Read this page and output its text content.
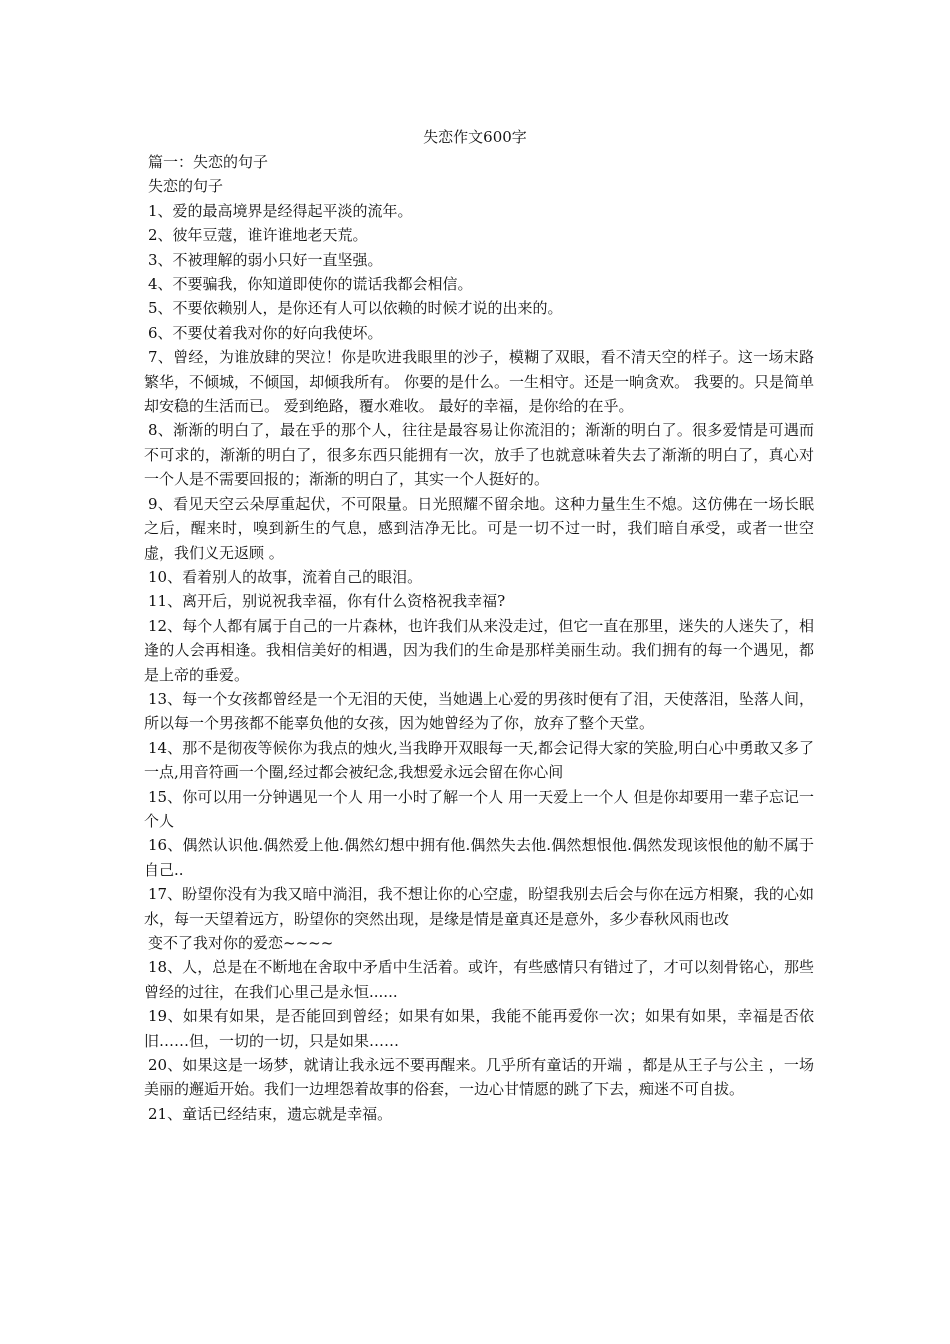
失恋作文600字

篇一：失恋的句子

失恋的句子

1、爱的最高境界是经得起平淡的流年。

2、彼年豆蔻，谁许谁地老天荒。

3、不被理解的弱小只好一直坚强。

4、不要骗我，你知道即使你的谎话我都会相信。

5、不要依赖别人，是你还有人可以依赖的时候才说的出来的。

6、不要仗着我对你的好向我使坏。

7、曾经，为谁放肆的哭泣！你是吹进我眼里的沙子，模糊了双眼，看不清天空的样子。这一场末路繁华，不倾城，不倾国，却倾我所有。 你要的是什么。一生相守。还是一晌贪欢。 我要的。只是简单却安稳的生活而已。 爱到绝路，覆水难收。 最好的幸福，是你给的在乎。

8、渐渐的明白了，最在乎的那个人，往往是最容易让你流泪的；渐渐的明白了。很多爱情是可遇而不可求的，渐渐的明白了，很多东西只能拥有一次，放手了也就意味着失去了渐渐的明白了，真心对一个人是不需要回报的；渐渐的明白了，其实一个人挺好的。

9、看见天空云朵厚重起伏，不可限量。日光照耀不留余地。这种力量生生不熄。这仿佛在一场长眠之后，醒来时，嗅到新生的气息，感到洁净无比。可是一切不过一时，我们暗自承受，或者一世空虚，我们义无返顾 。

10、看着别人的故事，流着自己的眼泪。

11、离开后，别说祝我幸福，你有什么资格祝我幸福?

12、每个人都有属于自己的一片森林，也许我们从来没走过，但它一直在那里，迷失的人迷失了，相逢的人会再相逢。我相信美好的相遇，因为我们的生命是那样美丽生动。我们拥有的每一个遇见，都是上帝的垂爱。

13、每一个女孩都曾经是一个无泪的天使，当她遇上心爱的男孩时便有了泪，天使落泪，坠落人间，所以每一个男孩都不能辜负他的女孩，因为她曾经为了你，放弃了整个天堂。

14、那不是彻夜等候你为我点的烛火,当我睁开双眼每一天,都会记得大家的笑脸,明白心中勇敢又多了一点,用音符画一个圈,经过都会被纪念,我想爱永远会留在你心间

15、你可以用一分钟遇见一个人 用一小时了解一个人 用一天爱上一个人 但是你却要用一辈子忘记一个人

16、偶然认识他.偶然爱上他.偶然幻想中拥有他.偶然失去他.偶然想恨他.偶然发现该恨他的觔不属于自己..

17、盼望你没有为我又暗中淌泪，我不想让你的心空虚，盼望我别去后会与你在远方相聚，我的心如水，每一天望着远方，盼望你的突然出现，是缘是情是童真还是意外，多少春秋风雨也改

变不了我对你的爱恋~~~~

18、人，总是在不断地在舍取中矛盾中生活着。或许，有些感情只有错过了，才可以刻骨铭心，那些曾经的过往，在我们心里己是永恒......

19、如果有如果，是否能回到曾经；如果有如果，我能不能再爱你一次；如果有如果，幸福是否依旧……但，一切的一切，只是如果……

20、如果这是一场梦，就请让我永远不要再醒来。几乎所有童话的开端 ，都是从王子与公主 ，一场美丽的邂逅开始。我们一边埋怨着故事的俗套，一边心甘情愿的跳了下去，痴迷不可自拔。

21、童话已经结束，遗忘就是幸福。
